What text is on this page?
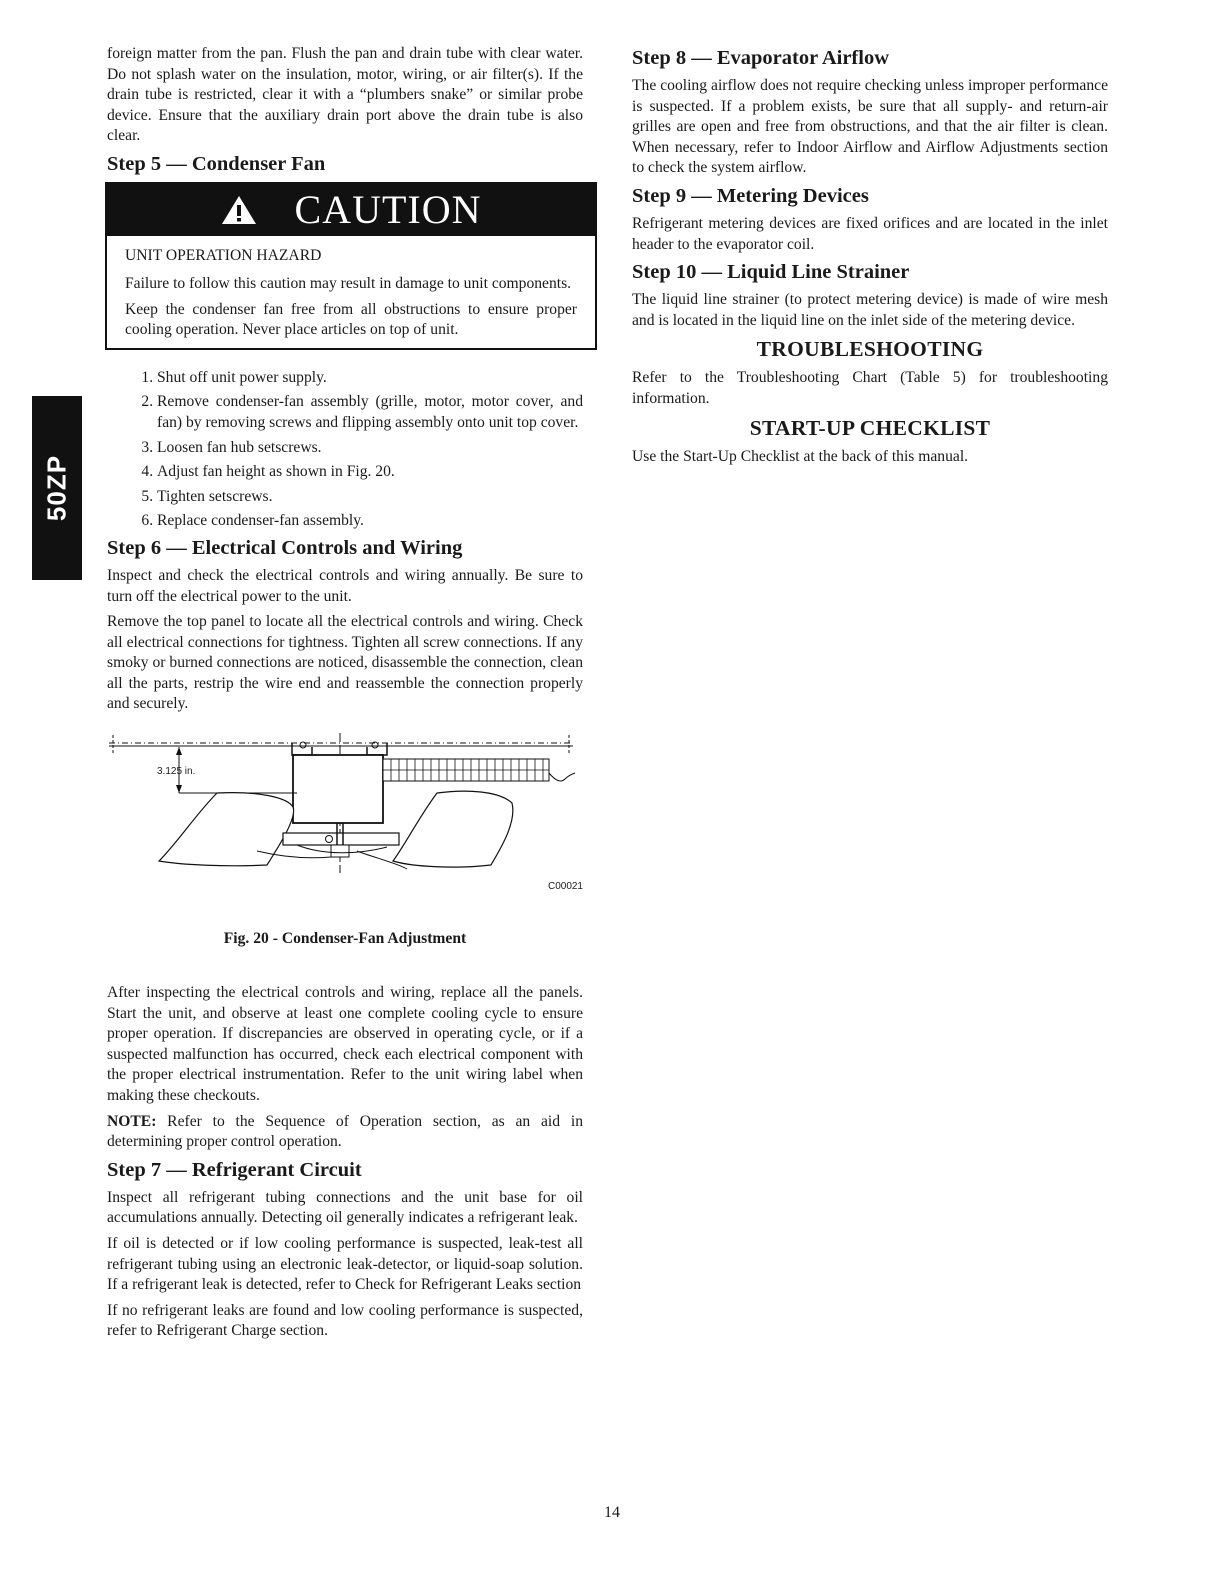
50ZP

foreign matter from the pan. Flush the pan and drain tube with clear water. Do not splash water on the insulation, motor, wiring, or air filter(s). If the drain tube is restricted, clear it with a “plumbers snake” or similar probe device. Ensure that the auxiliary drain port above the drain tube is also clear.

Step 5 — Condenser Fan
CAUTION
UNIT OPERATION HAZARD

Failure to follow this caution may result in damage to unit components.

Keep the condenser fan free from all obstructions to ensure proper cooling operation. Never place articles on top of unit.

1. Shut off unit power supply.
2. Remove condenser-fan assembly (grille, motor, motor cover, and fan) by removing screws and flipping assembly onto unit top cover.
3. Loosen fan hub setscrews.
4. Adjust fan height as shown in Fig. 20.
5. Tighten setscrews.
6. Replace condenser-fan assembly.
Step 6 — Electrical Controls and Wiring

Inspect and check the electrical controls and wiring annually. Be sure to turn off the electrical power to the unit.

Remove the top panel to locate all the electrical controls and wiring. Check all electrical connections for tightness. Tighten all screw connections. If any smoky or burned connections are noticed, disassemble the connection, clean all the parts, restrip the wire end and reassemble the connection properly and securely.

3.125 in.
C00021
Fig. 20 - Condenser-Fan Adjustment

After inspecting the electrical controls and wiring, replace all the panels. Start the unit, and observe at least one complete cooling cycle to ensure proper operation. If discrepancies are observed in operating cycle, or if a suspected malfunction has occurred, check each electrical component with the proper electrical instrumentation. Refer to the unit wiring label when making these checkouts.

NOTE: Refer to the Sequence of Operation section, as an aid in determining proper control operation.

Step 7 — Refrigerant Circuit

Inspect all refrigerant tubing connections and the unit base for oil accumulations annually. Detecting oil generally indicates a refrigerant leak.

If oil is detected or if low cooling performance is suspected, leak-test all refrigerant tubing using an electronic leak-detector, or liquid-soap solution. If a refrigerant leak is detected, refer to Check for Refrigerant Leaks section

If no refrigerant leaks are found and low cooling performance is suspected, refer to Refrigerant Charge section.

Step 8 — Evaporator Airflow

The cooling airflow does not require checking unless improper performance is suspected. If a problem exists, be sure that all supply- and return-air grilles are open and free from obstructions, and that the air filter is clean. When necessary, refer to Indoor Airflow and Airflow Adjustments section to check the system airflow.

Step 9 — Metering Devices

Refrigerant metering devices are fixed orifices and are located in the inlet header to the evaporator coil.

Step 10 — Liquid Line Strainer

The liquid line strainer (to protect metering device) is made of wire mesh and is located in the liquid line on the inlet side of the metering device.

TROUBLESHOOTING

Refer to the Troubleshooting Chart (Table 5) for troubleshooting information.

START-UP CHECKLIST

Use the Start-Up Checklist at the back of this manual.

14
